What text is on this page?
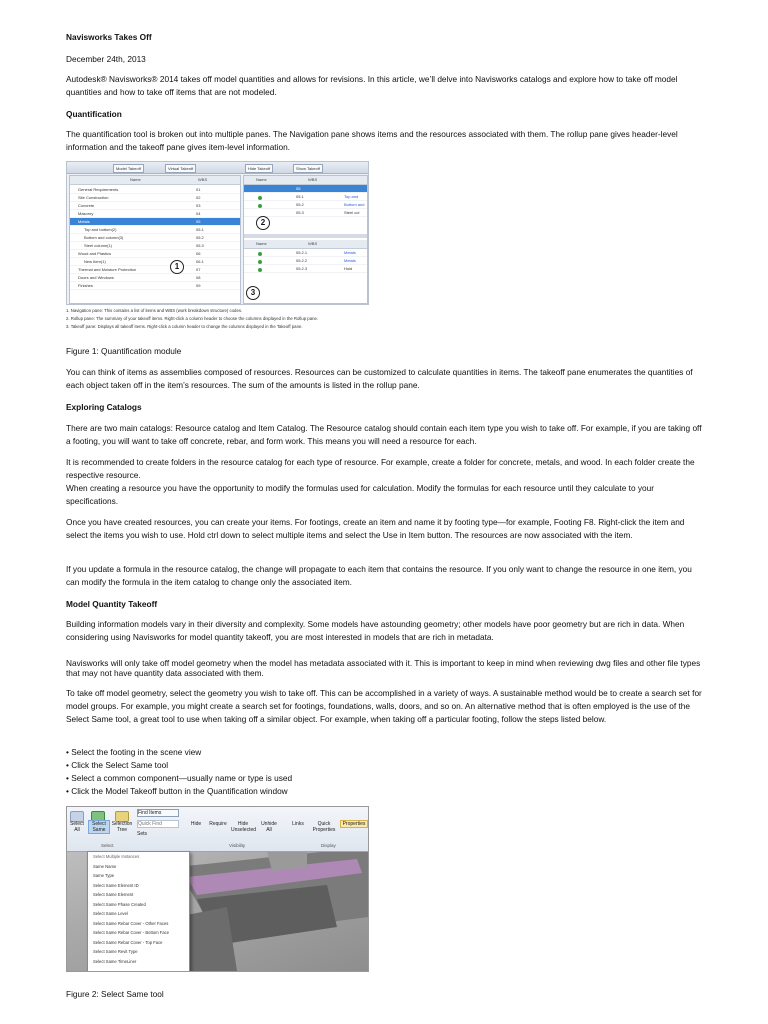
Navisworks Takes Off
December 24th, 2013
Autodesk® Navisworks® 2014 takes off model quantities and allows for revisions. In this article, we’ll delve into Navisworks catalogs and explore how to take off model quantities and how to take off items that are not modeled.
Quantification
The quantification tool is broken out into multiple panes. The Navigation pane shows items and the resources associated with them. The rollup pane gives header-level information and the takeoff pane gives item-level information.
Figure 1: Quantification module
You can think of items as assemblies composed of resources. Resources can be customized to calculate quantities in items. The takeoff pane enumerates the quantities of each object taken off in the item’s resources. The sum of the amounts is listed in the rollup pane.
Exploring Catalogs
There are two main catalogs: Resource catalog and Item Catalog. The Resource catalog should contain each item type you wish to take off. For example, if you are taking off a footing, you will want to take off concrete, rebar, and form work. This means you will need a resource for each.
It is recommended to create folders in the resource catalog for each type of resource. For example, create a folder for concrete, metals, and wood. In each folder create the respective resource.
When creating a resource you have the opportunity to modify the formulas used for calculation. Modify the formulas for each resource until they calculate to your specifications.
Once you have created resources, you can create your items. For footings, create an item and name it by footing type—for example, Footing F8. Right-click the item and select the items you wish to use. Hold ctrl down to select multiple items and select the Use in Item button. The resources are now associated with the item.
If you update a formula in the resource catalog, the change will propagate to each item that contains the resource. If you only want to change the resource in one item, you can modify the formula in the item catalog to change only the associated item.
Model Quantity Takeoff
Building information models vary in their diversity and complexity. Some models have astounding geometry; other models have poor geometry but are rich in data. When considering using Navisworks for model quantity takeoff, you are most interested in models that are rich in metadata.
Navisworks will only take off model geometry when the model has metadata associated with it. This is important to keep in mind when reviewing dwg files and other file types that may not have quantity data associated with them.
To take off model geometry, select the geometry you wish to take off. This can be accomplished in a variety of ways. A sustainable method would be to create a search set for model groups. For example, you might create a search set for footings, foundations, walls, doors, and so on. An alternative method that is often employed is the use of the Select Same tool, a great tool to use when taking off a similar object. For example, when taking off a particular footing, follow the steps listed below.
• Select the footing in the scene view
• Click the Select Same tool
• Select a common component—usually name or type is used
• Click the Model Takeoff button in the Quantification window
Figure 2: Select Same tool
Model Takeoff	Virtual Takeoff	Hide Takeoff	Show Takeoff
Name	WBS
General Requirements	01
Site Construction	02
Concrete	03
Masonry	04
Metals	05
Top and bottom(2)	05.1
Bottom and column(3)	05.2
Steel column(1)	05.3
Wood and Plastics	06
New Item(1)	06.1
Thermal and Moisture Protection	07
Doors and Windows	08
Finishes	09
1
Name	WBS
05
05.1	Top and
05.2	Bottom and
05.3	Steel col
2
Name	WBS
05.2.1	Metals
05.2.2	Metals
05.2.3	Hold
3
1. Navigation pane: This contains a list of items and WBS (work breakdown structure) codes.
2. Rollup pane: The summary of your takeoff items. Right-click a column header to choose the columns displayed in the Rollup pane.
3. Takeoff pane: Displays all takeoff items. Right-click a column header to change the columns displayed in the Takeoff pane.
Select All
Select Same
Selection Tree
Find Items
Quick Find
Sets
Hide	Require	Hide Unselected
Unhide All
Links	Quick Properties
Properties
Select	Visibility	Display
Select Multiple Instances
Same Name
Same Type
Select Same Element ID
Select Same Element
Select Same Phase Created
Select Same Level
Select Same Rebar Cover - Other Faces
Select Same Rebar Cover - Bottom Face
Select Same Rebar Cover - Top Face
Select Same Revit Type
Select Same TimeLiner
